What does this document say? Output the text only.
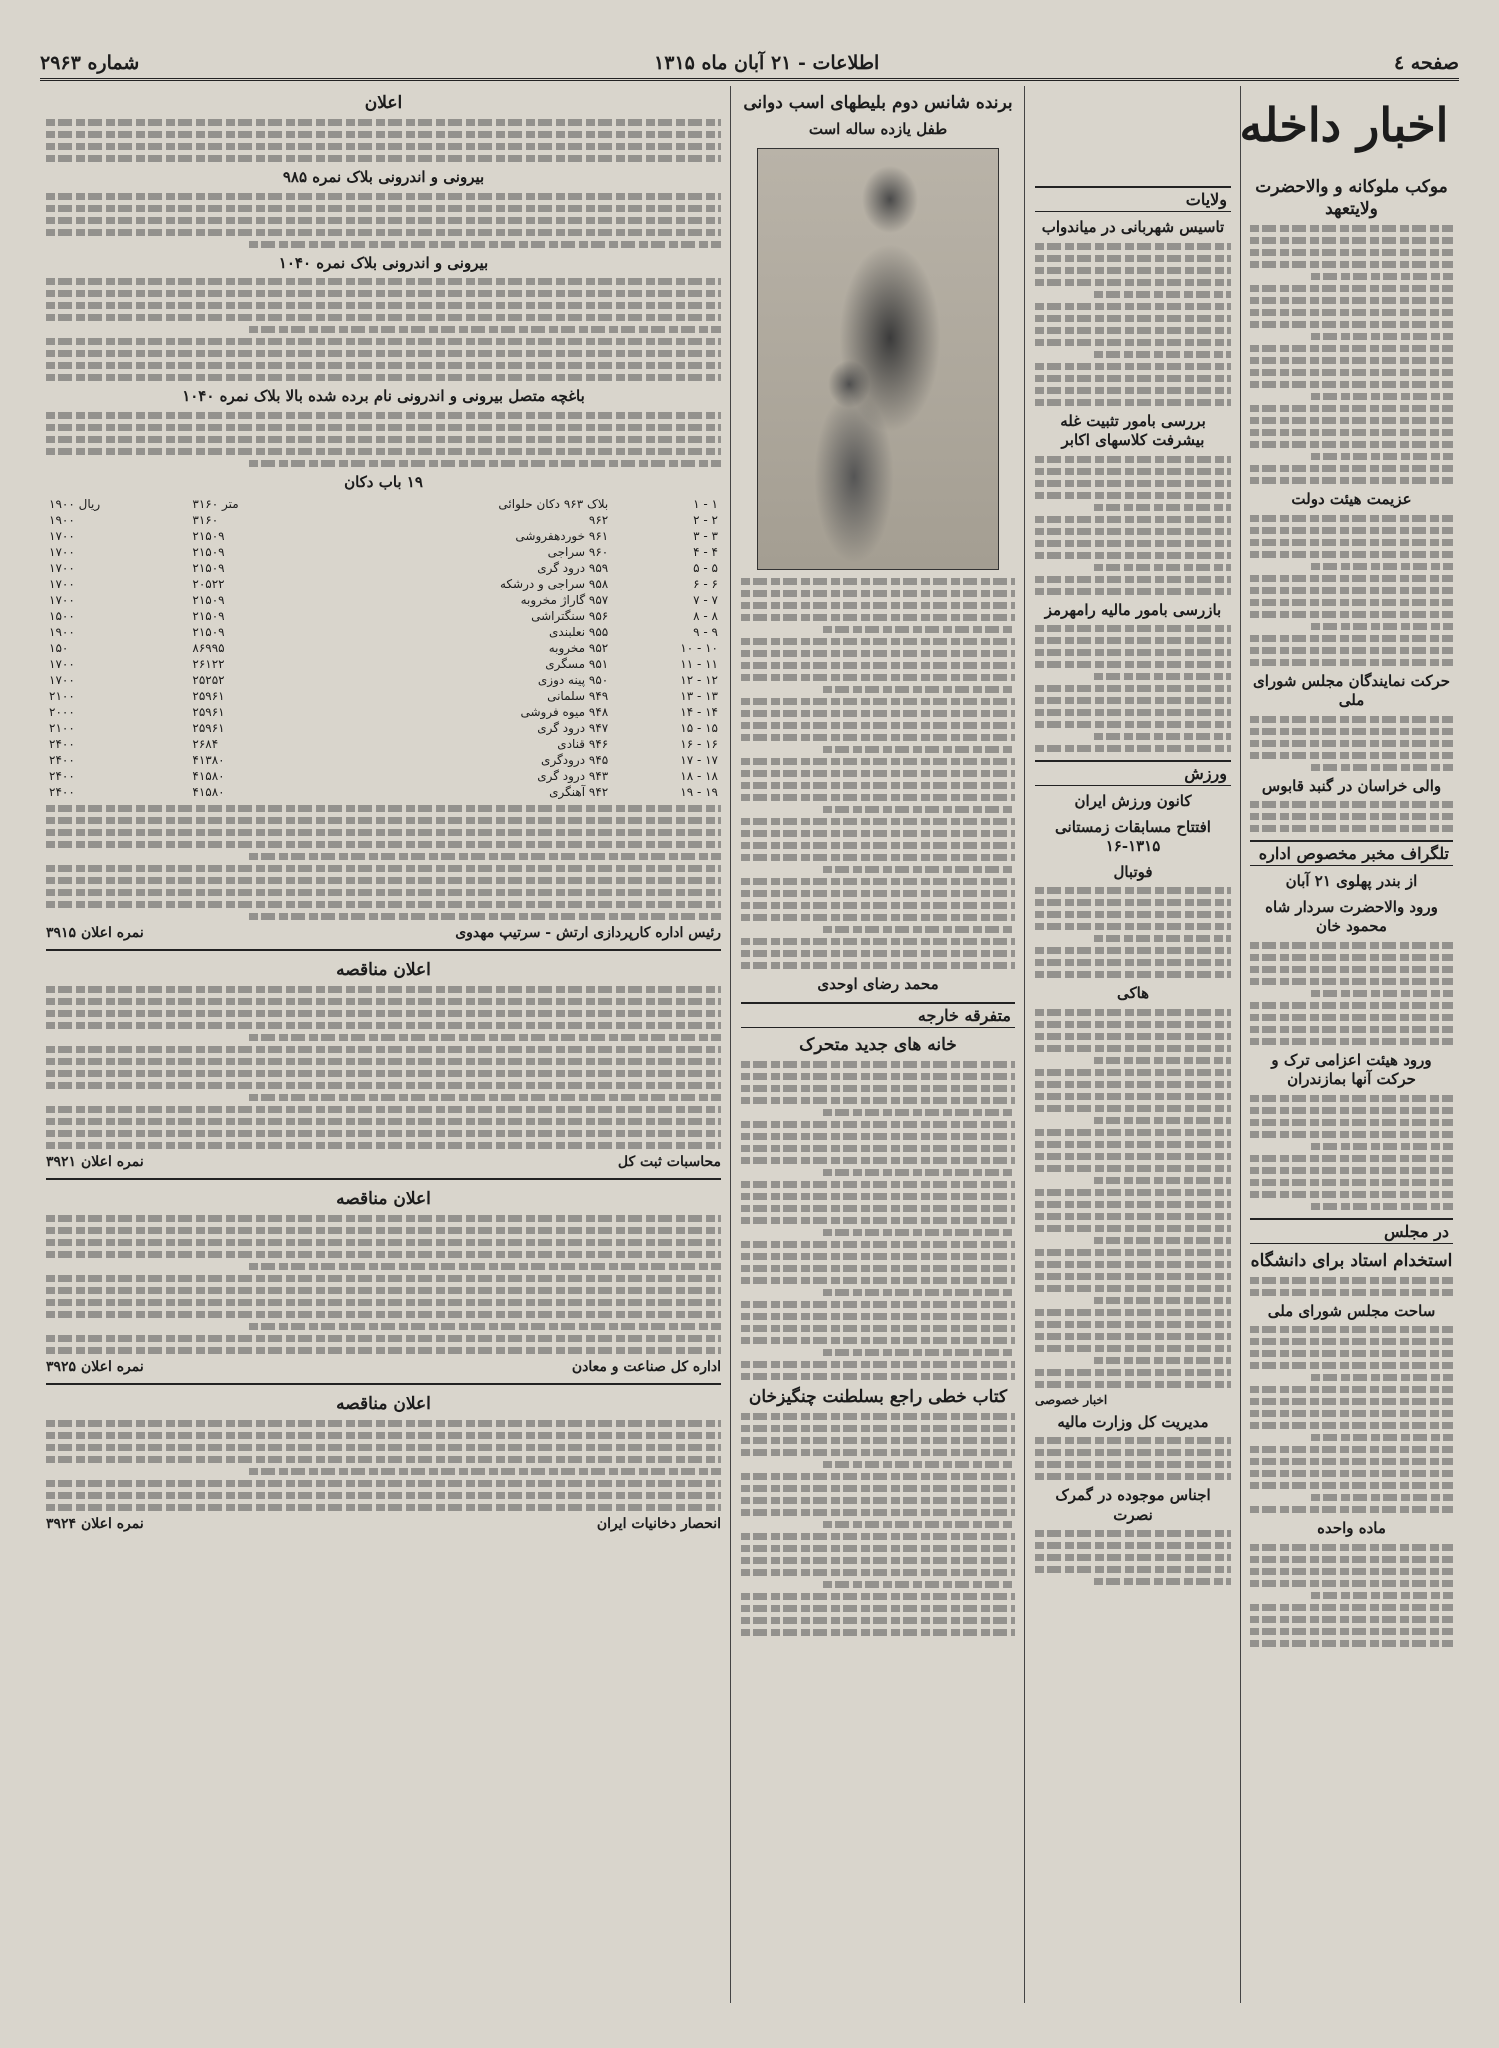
صفحه ٤
اطلاعات - ۲۱ آبان ماه ۱۳۱۵
شماره ۲۹۶۳
اخبار داخله
موکب ملوکانه و والاحضرت ولایتعهد
عزیمت هیئت دولت
حرکت نمایندگان مجلس شورای ملی
والی خراسان در گنبد قابوس
تلگراف مخبر مخصوص اداره
از بندر پهلوی ۲۱ آبان
ورود والاحضرت سردار شاه محمود خان
ورود هیئت اعزامی ترک و حرکت آنها بمازندران
در مجلس
استخدام استاد برای دانشگاه
ساحت مجلس شورای ملی
ماده واحده
ولایات
تاسیس شهربانی در میاندواب
بررسی بامور تثبیت غله بیشرفت کلاسهای اکابر
بازرسی بامور مالیه رامهرمز
ورزش
کانون ورزش ایران
افتتاح مسابقات زمستانی ۱۳۱۵-۱۶
فوتبال
هاکی
اخبار خصوصی
مدیریت کل وزارت مالیه
اجناس موجوده در گمرک نصرت
برنده شانس دوم بلیطهای اسب دوانی
طفل یازده ساله است
محمد رضای اوحدی
متفرقه خارجه
خانه های جدید متحرک
کتاب خطی راجع بسلطنت چنگیزخان
اعلان
بیرونی و اندرونی بلاک نمره ۹۸۵
بیرونی و اندرونی بلاک نمره ۱۰۴۰
باغچه متصل بیرونی و اندرونی نام برده شده بالا بلاک نمره ۱۰۴۰
۱۹ باب دکان
۱ - ۱	بلاک ۹۶۳ دکان حلوائی	۳۱۶۰ متر	۱۹۰۰ ریال
۲ - ۲	۹۶۲	۳۱۶۰	۱۹۰۰
۳ - ۳	۹۶۱ خوردهفروشی	۲۱۵۰۹	۱۷۰۰
۴ - ۴	۹۶۰ سراجی	۲۱۵۰۹	۱۷۰۰
۵ - ۵	۹۵۹ درود گری	۲۱۵۰۹	۱۷۰۰
۶ - ۶	۹۵۸ سراجی و درشکه	۲۰۵۲۲	۱۷۰۰
۷ - ۷	۹۵۷ گاراژ مخروبه	۲۱۵۰۹	۱۷۰۰
۸ - ۸	۹۵۶ سنگتراشی	۲۱۵۰۹	۱۵۰۰
۹ - ۹	۹۵۵ نعلبندی	۲۱۵۰۹	۱۹۰۰
۱۰ - ۱۰	۹۵۲ مخروبه	۸۶۹۹۵	۱۵۰
۱۱ - ۱۱	۹۵۱ مسگری	۲۶۱۲۲	۱۷۰۰
۱۲ - ۱۲	۹۵۰ پینه دوزی	۲۵۲۵۲	۱۷۰۰
۱۳ - ۱۳	۹۴۹ سلمانی	۲۵۹۶۱	۲۱۰۰
۱۴ - ۱۴	۹۴۸ میوه فروشی	۲۵۹۶۱	۲۰۰۰
۱۵ - ۱۵	۹۴۷ درود گری	۲۵۹۶۱	۲۱۰۰
۱۶ - ۱۶	۹۴۶ قنادی	۲۶۸۴	۲۴۰۰
۱۷ - ۱۷	۹۴۵ درودگری	۴۱۳۸۰	۲۴۰۰
۱۸ - ۱۸	۹۴۳ درود گری	۴۱۵۸۰	۲۴۰۰
۱۹ - ۱۹	۹۴۲ آهنگری	۴۱۵۸۰	۲۴۰۰
رئیس اداره کارپردازی ارتش - سرتیپ مهدوی
نمره اعلان ۳۹۱۵
اعلان مناقصه
محاسبات ثبت کل
نمره اعلان ۳۹۲۱
اعلان مناقصه
اداره کل صناعت و معادن
نمره اعلان ۳۹۲۵
اعلان مناقصه
انحصار دخانیات ایران
نمره اعلان ۳۹۲۴
